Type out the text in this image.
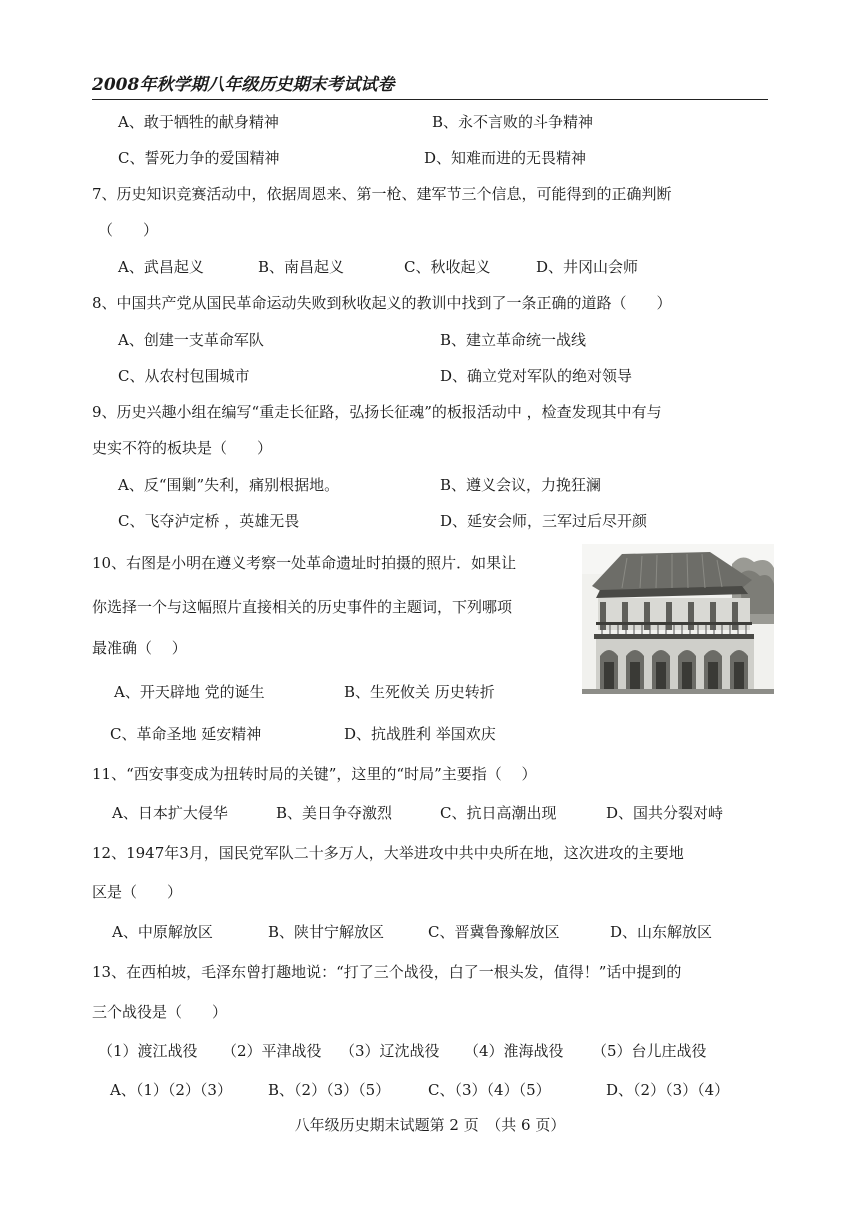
2008年秋学期八年级历史期末考试试卷
A、敢于牺牲的献身精神	B、永不言败的斗争精神
C、誓死力争的爱国精神	D、知难而进的无畏精神
7、历史知识竞赛活动中，依据周恩来、第一枪、建军节三个信息，可能得到的正确判断
（　　）
A、武昌起义	B、南昌起义	C、秋收起义	D、井冈山会师
8、中国共产党从国民革命运动失败到秋收起义的教训中找到了一条正确的道路（　　）
A、创建一支革命军队	B、建立革命统一战线
C、从农村包围城市	D、确立党对军队的绝对领导
9、历史兴趣小组在编写“重走长征路，弘扬长征魂”的板报活动中 ，检查发现其中有与
史实不符的板块是（　　）
A、反“围剿”失利，痛别根据地。	B、遵义会议，力挽狂澜
C、飞夺泸定桥 ，英雄无畏	D、延安会师，三军过后尽开颜
10、右图是小明在遵义考察一处革命遗址时拍摄的照片．如果让
你选择一个与这幅照片直接相关的历史事件的主题词，下列哪项
最准确（　 ）
A、开天辟地 党的诞生	B、生死攸关 历史转折
C、革命圣地 延安精神	D、抗战胜利 举国欢庆
11、“西安事变成为扭转时局的关键”，这里的“时局”主要指（　 ）
A、日本扩大侵华	B、美日争夺激烈	C、抗日高潮出现	D、国共分裂对峙
12、1947年3月，国民党军队二十多万人，大举进攻中共中央所在地，这次进攻的主要地
区是（　　）
A、中原解放区	B、陕甘宁解放区	C、晋冀鲁豫解放区	D、山东解放区
13、在西柏坡，毛泽东曾打趣地说：“打了三个战役，白了一根头发，值得！”话中提到的
三个战役是（　　）
（1）渡江战役 （2）平津战役 （3）辽沈战役 （4）淮海战役 （5）台儿庄战役
A、（1）（2）（3） B、（2）（3）（5）	C、（3）（4）（5）	D、（2）（3）（4）
八年级历史期末试题第 2 页　（共 6 页）
